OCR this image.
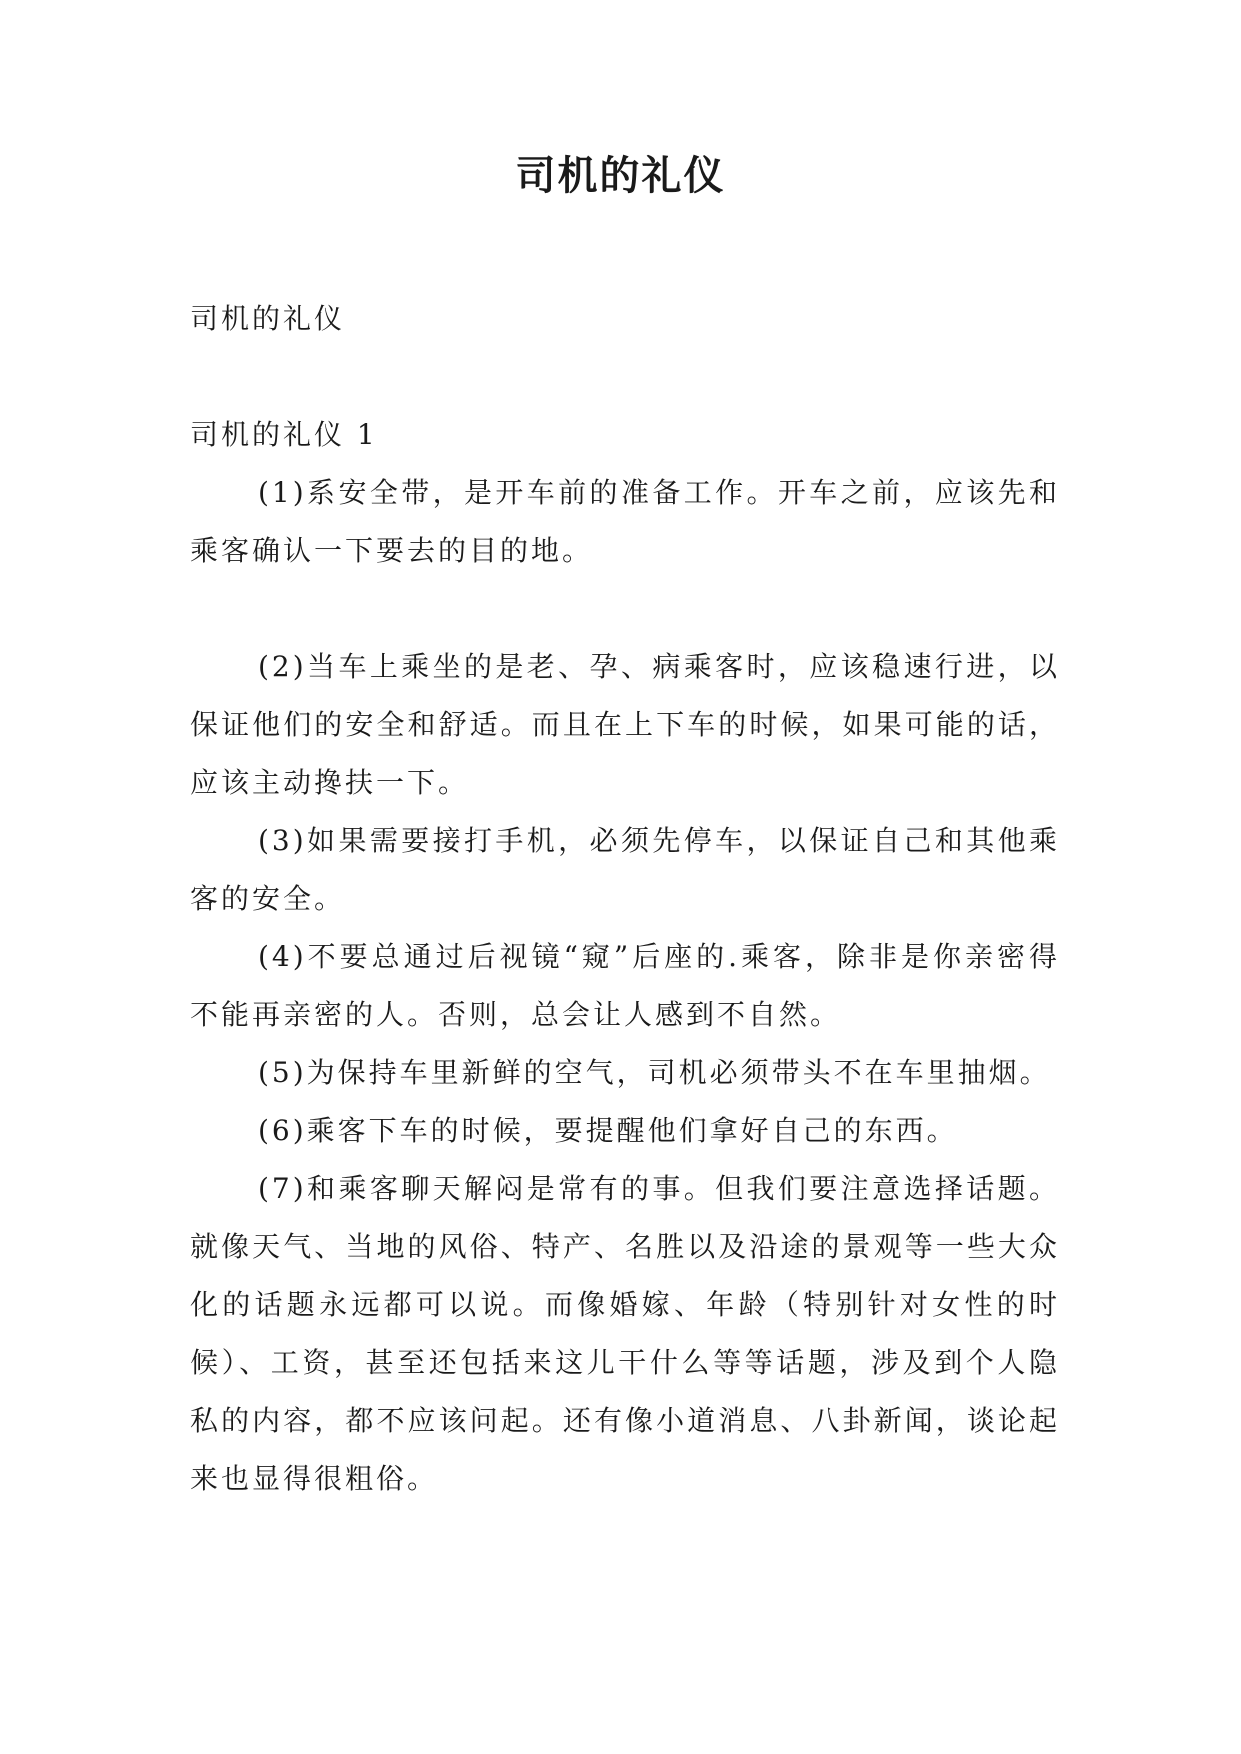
司机的礼仪

司机的礼仪

司机的礼仪 1

(1)系安全带，是开车前的准备工作。开车之前，应该先和乘客确认一下要去的目的地。

(2)当车上乘坐的是老、孕、病乘客时，应该稳速行进，以保证他们的安全和舒适。而且在上下车的时候，如果可能的话，应该主动搀扶一下。

(3)如果需要接打手机，必须先停车，以保证自己和其他乘客的安全。

(4)不要总通过后视镜“窥”后座的.乘客，除非是你亲密得不能再亲密的人。否则，总会让人感到不自然。

(5)为保持车里新鲜的空气，司机必须带头不在车里抽烟。

(6)乘客下车的时候，要提醒他们拿好自己的东西。

(7)和乘客聊天解闷是常有的事。但我们要注意选择话题。就像天气、当地的风俗、特产、名胜以及沿途的景观等一些大众化的话题永远都可以说。而像婚嫁、年龄（特别针对女性的时候）、工资，甚至还包括来这儿干什么等等话题，涉及到个人隐私的内容，都不应该问起。还有像小道消息、八卦新闻，谈论起来也显得很粗俗。
